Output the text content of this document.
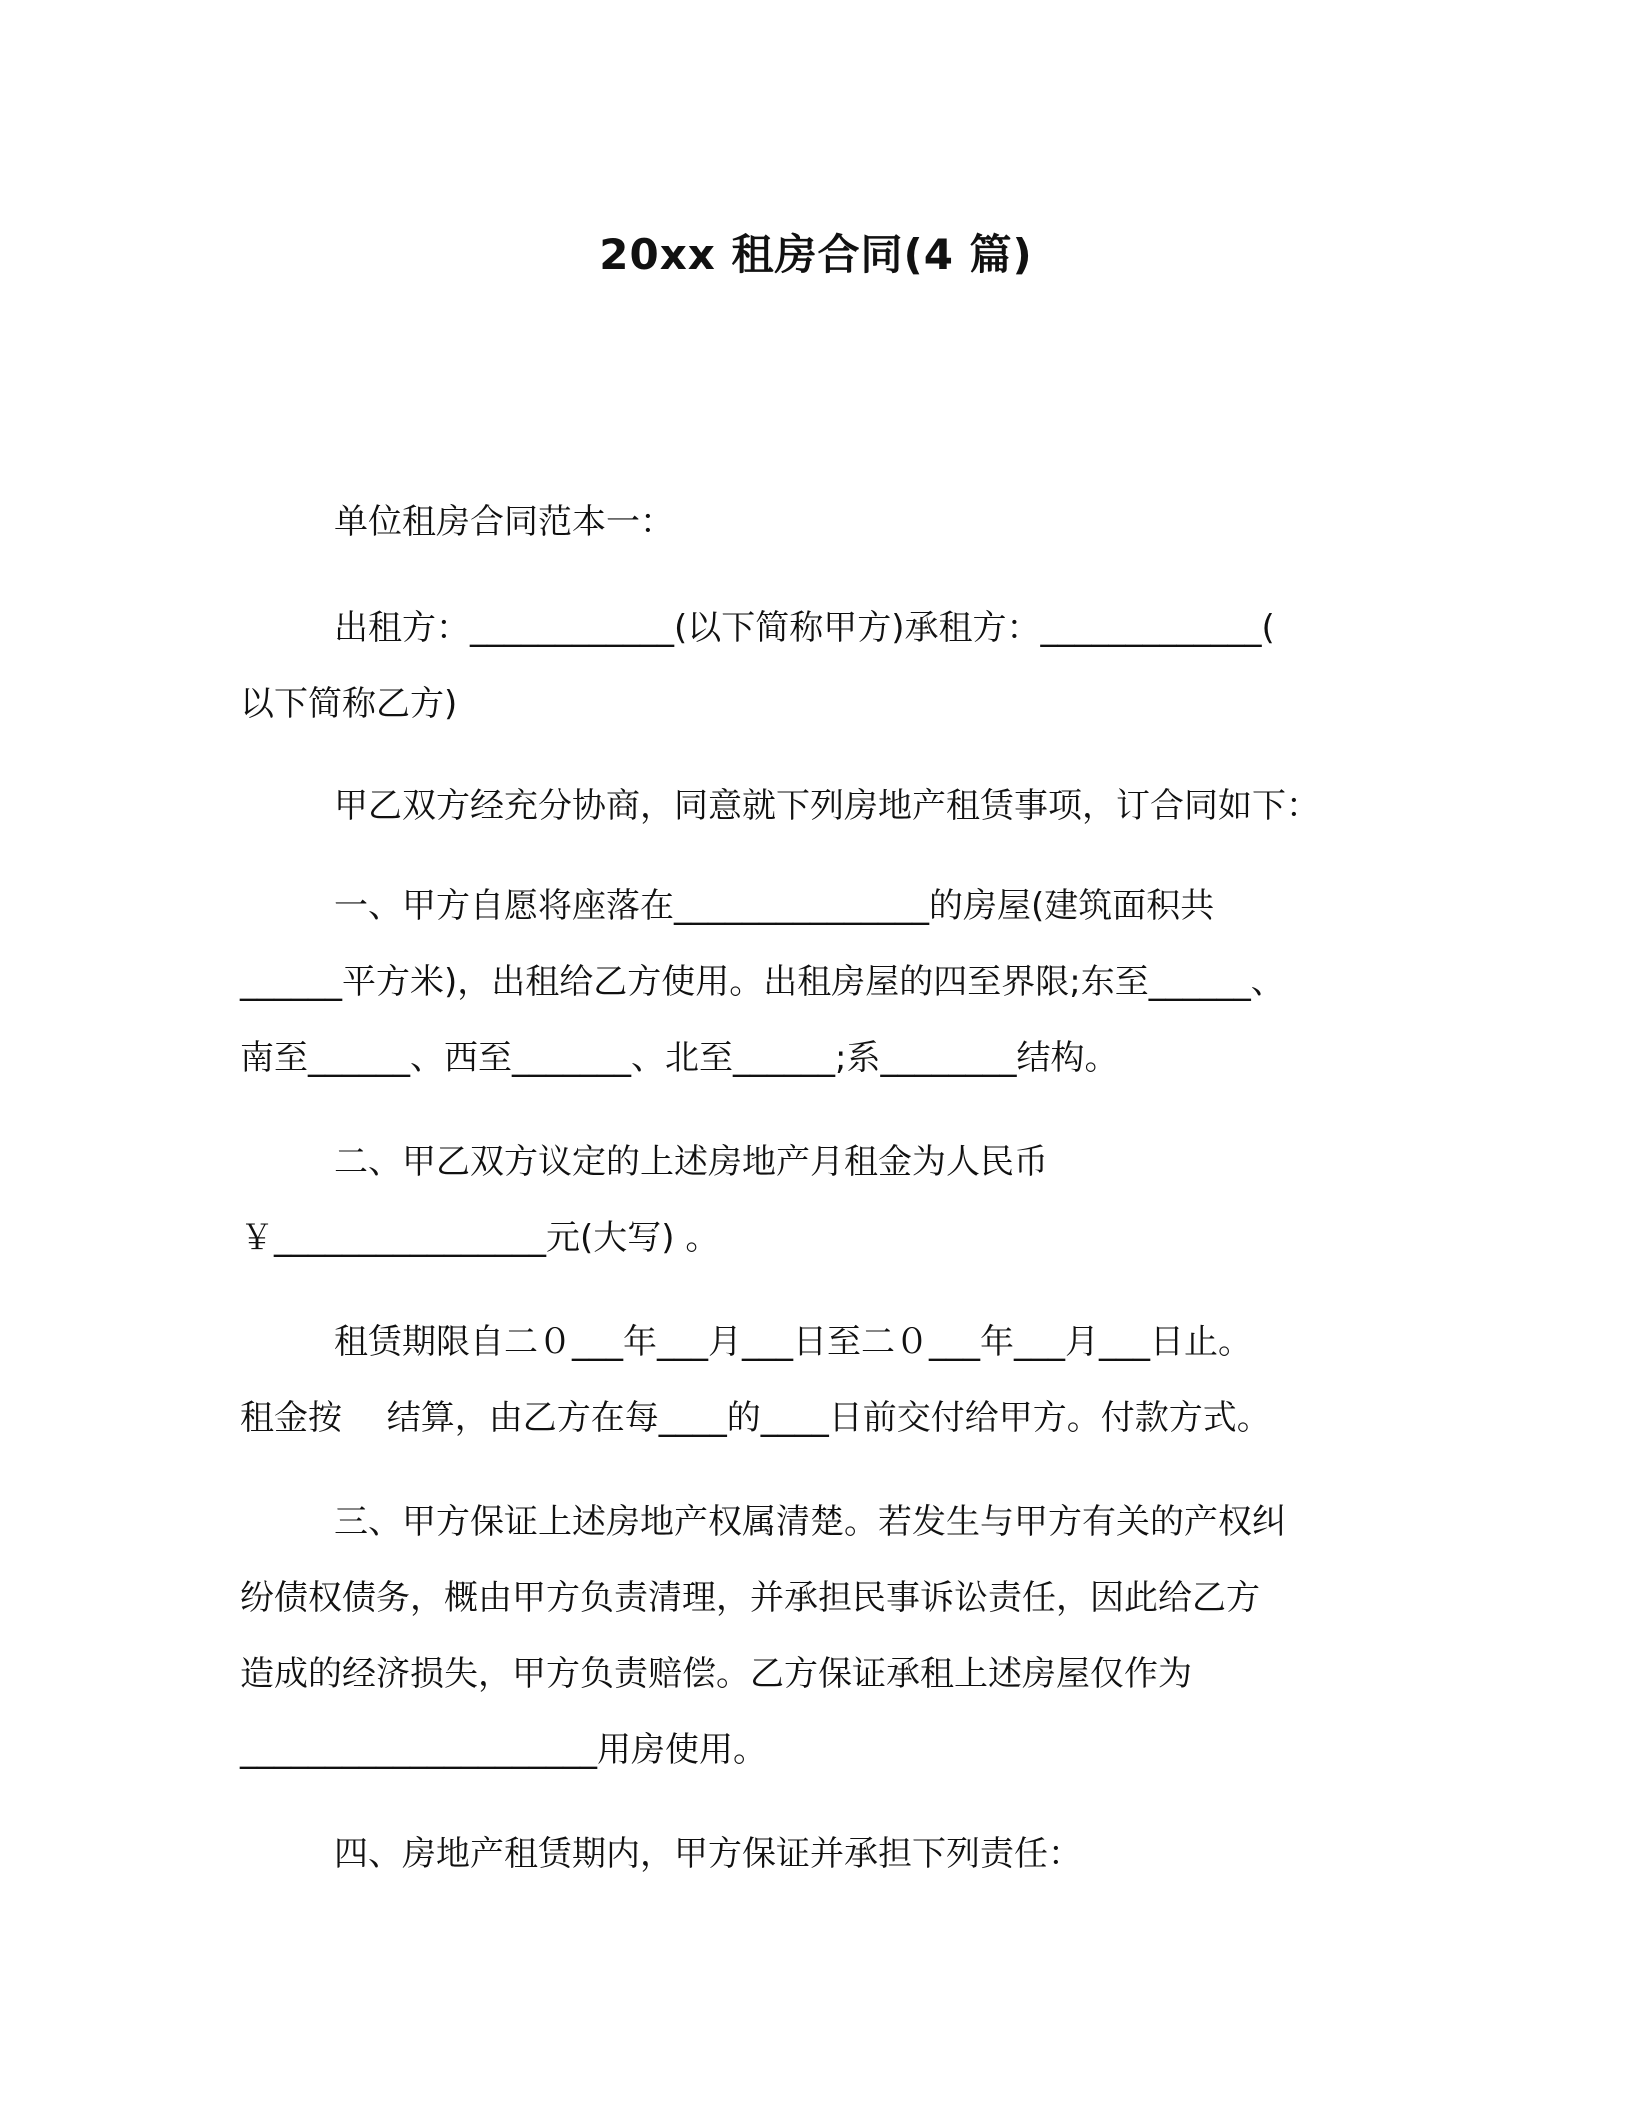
20xx 租房合同(4 篇)
单位租房合同范本一：
出租方：____________(以下简称甲方)承租方：_____________(
以下简称乙方)
甲乙双方经充分协商，同意就下列房地产租赁事项，订合同如下：
一、甲方自愿将座落在_______________的房屋(建筑面积共
______平方米)，出租给乙方使用。出租房屋的四至界限;东至______、
南至______、西至_______、北至______;系________结构。
二、甲乙双方议定的上述房地产月租金为人民币
￥________________元(大写) 。
租赁期限自二０___年___月___日至二０___年___月___日止。
租金按　 结算，由乙方在每____的____日前交付给甲方。付款方式。
三、甲方保证上述房地产权属清楚。若发生与甲方有关的产权纠
纷债权债务，概由甲方负责清理，并承担民事诉讼责任，因此给乙方
造成的经济损失，甲方负责赔偿。乙方保证承租上述房屋仅作为
_____________________用房使用。
四、房地产租赁期内，甲方保证并承担下列责任：
